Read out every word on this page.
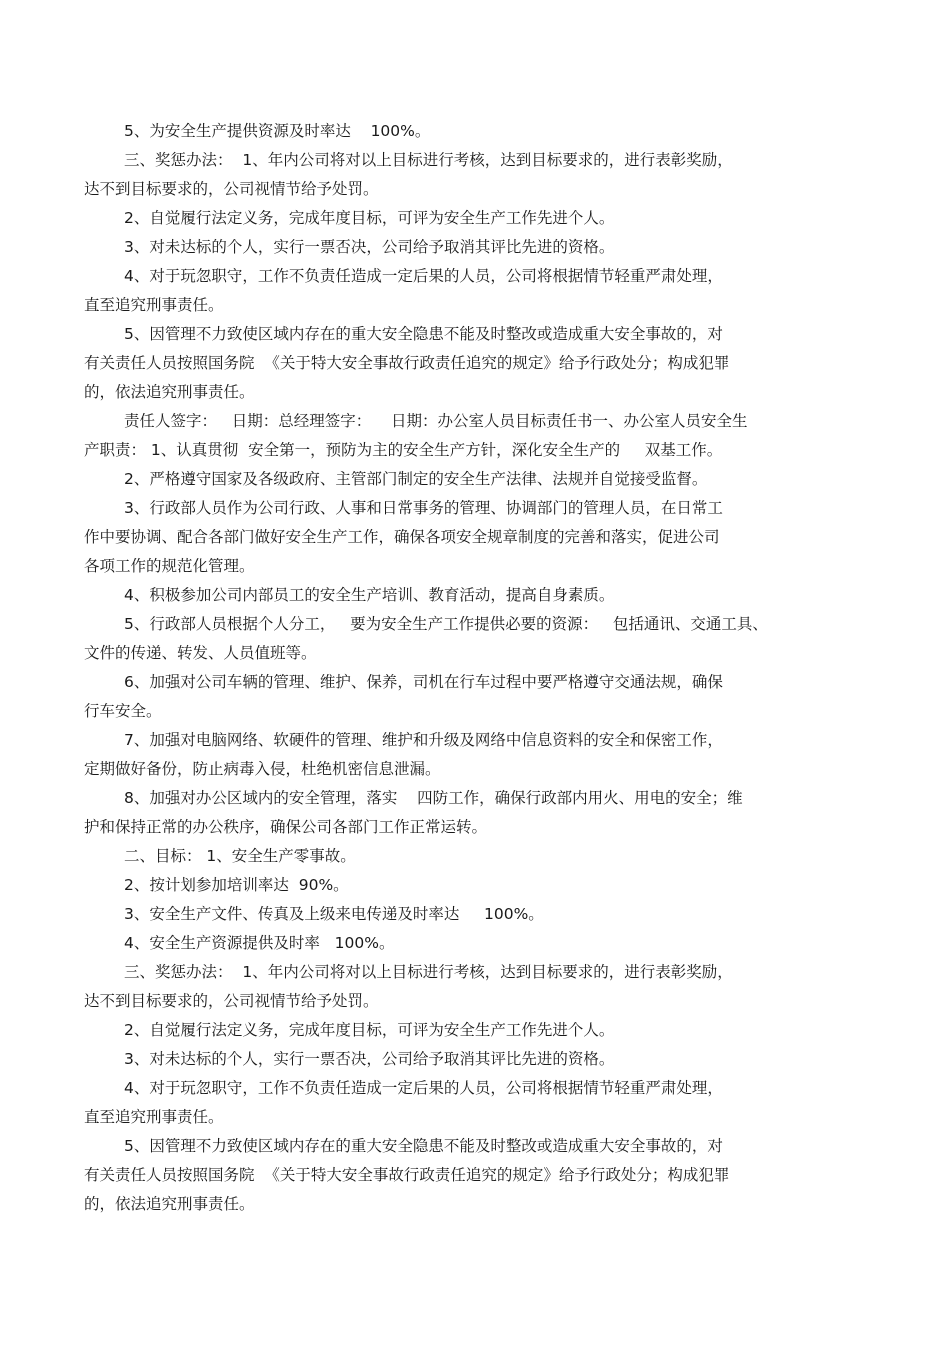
5、为安全生产提供资源及时率达    100%。
三、奖惩办法：  1、年内公司将对以上目标进行考核，达到目标要求的，进行表彰奖励，
达不到目标要求的，公司视情节给予处罚。
2、自觉履行法定义务，完成年度目标，可评为安全生产工作先进个人。
3、对未达标的个人，实行一票否决，公司给予取消其评比先进的资格。
4、对于玩忽职守，工作不负责任造成一定后果的人员，公司将根据情节轻重严肃处理，
直至追究刑事责任。
5、因管理不力致使区域内存在的重大安全隐患不能及时整改或造成重大安全事故的，对
有关责任人员按照国务院  《关于特大安全事故行政责任追究的规定》给予行政处分；构成犯罪
的，依法追究刑事责任。
责任人签字：   日期：总经理签字：    日期：办公室人员目标责任书一、办公室人员安全生
产职责： 1、认真贯彻  安全第一，预防为主的安全生产方针，深化安全生产的     双基工作。
2、严格遵守国家及各级政府、主管部门制定的安全生产法律、法规并自觉接受监督。
3、行政部人员作为公司行政、人事和日常事务的管理、协调部门的管理人员，在日常工
作中要协调、配合各部门做好安全生产工作，确保各项安全规章制度的完善和落实，促进公司
各项工作的规范化管理。
4、积极参加公司内部员工的安全生产培训、教育活动，提高自身素质。
5、行政部人员根据个人分工，   要为安全生产工作提供必要的资源：   包括通讯、交通工具、
文件的传递、转发、人员值班等。
6、加强对公司车辆的管理、维护、保养，司机在行车过程中要严格遵守交通法规，确保
行车安全。
7、加强对电脑网络、软硬件的管理、维护和升级及网络中信息资料的安全和保密工作，
定期做好备份，防止病毒入侵，杜绝机密信息泄漏。
8、加强对办公区域内的安全管理，落实    四防工作，确保行政部内用火、用电的安全；维
护和保持正常的办公秩序，确保公司各部门工作正常运转。
二、目标： 1、安全生产零事故。
2、按计划参加培训率达  90%。
3、安全生产文件、传真及上级来电传递及时率达     100%。
4、安全生产资源提供及时率   100%。
三、奖惩办法：  1、年内公司将对以上目标进行考核，达到目标要求的，进行表彰奖励，
达不到目标要求的，公司视情节给予处罚。
2、自觉履行法定义务，完成年度目标，可评为安全生产工作先进个人。
3、对未达标的个人，实行一票否决，公司给予取消其评比先进的资格。
4、对于玩忽职守，工作不负责任造成一定后果的人员，公司将根据情节轻重严肃处理，
直至追究刑事责任。
5、因管理不力致使区域内存在的重大安全隐患不能及时整改或造成重大安全事故的，对
有关责任人员按照国务院  《关于特大安全事故行政责任追究的规定》给予行政处分；构成犯罪
的，依法追究刑事责任。
